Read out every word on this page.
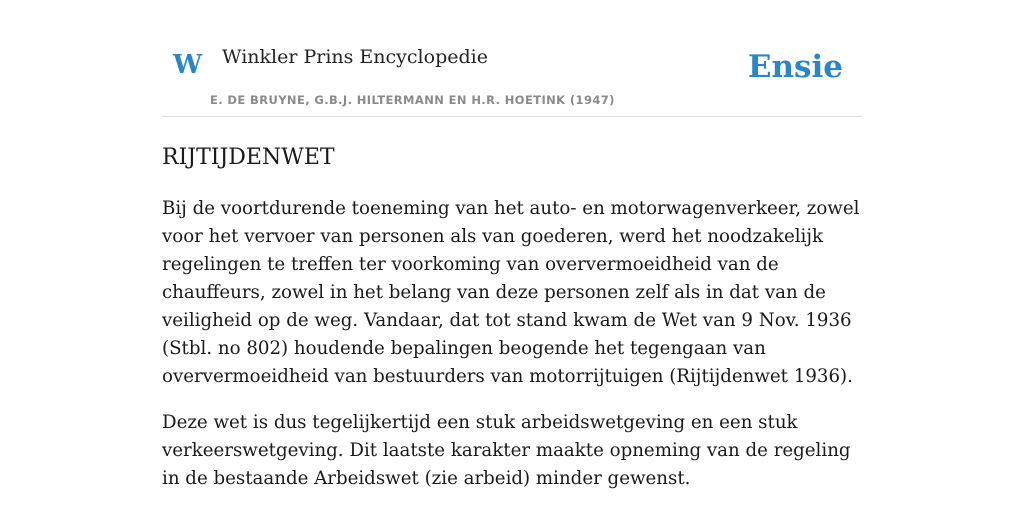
W Winkler Prins Encyclopedie
E. DE BRUYNE, G.B.J. HILTERMANN EN H.R. HOETINK (1947)
Ensie
RIJTIJDENWET

Bij de voortdurende toeneming van het auto- en motorwagenverkeer, zowel voor het vervoer van personen als van goederen, werd het noodzakelijk regelingen te treffen ter voorkoming van oververmoeidheid van de chauffeurs, zowel in het belang van deze personen zelf als in dat van de veiligheid op de weg. Vandaar, dat tot stand kwam de Wet van 9 Nov. 1936 (Stbl. no 802) houdende bepalingen beogende het tegengaan van oververmoeidheid van bestuurders van motorrijtuigen (Rijtijdenwet 1936).

Deze wet is dus tegelijkertijd een stuk arbeidswetgeving en een stuk verkeerswetgeving. Dit laatste karakter maakte opneming van de regeling in de bestaande Arbeidswet (zie arbeid) minder gewenst.
